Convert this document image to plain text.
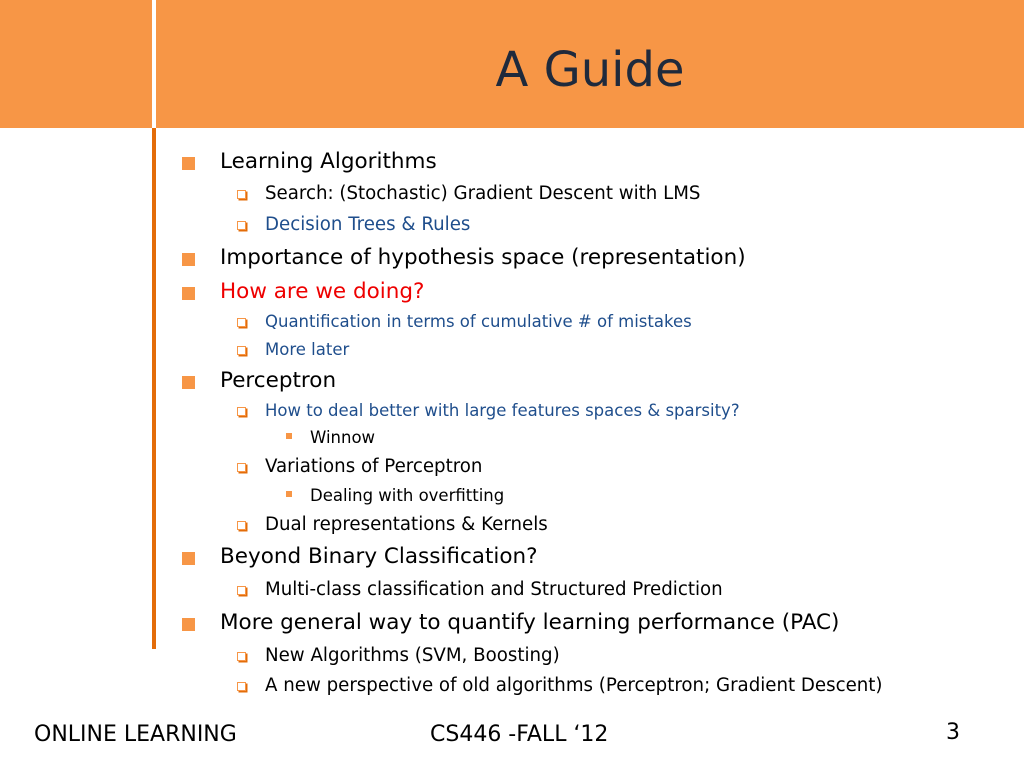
A Guide
Learning Algorithms
Search: (Stochastic) Gradient Descent with LMS
Decision Trees & Rules
Importance of hypothesis space (representation)
How are we doing?
Quantification in terms of cumulative # of mistakes
More later
Perceptron
How to deal better with large features spaces & sparsity?
Winnow
Variations of Perceptron
Dealing with overfitting
Dual representations & Kernels
Beyond Binary Classification?
Multi-class classification and Structured Prediction
More general way to quantify learning performance (PAC)
New Algorithms (SVM, Boosting)
A new perspective of old algorithms (Perceptron; Gradient Descent)
ONLINE LEARNING	CS446 -FALL ‘12	3
